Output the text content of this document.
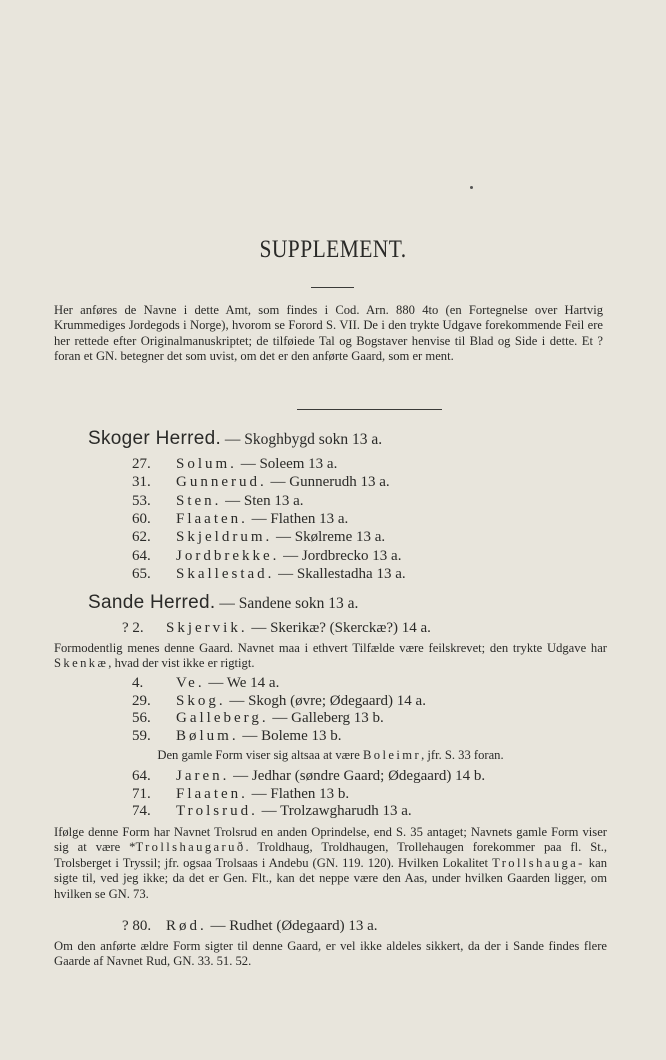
SUPPLEMENT.
Her anføres de Navne i dette Amt, som findes i Cod. Arn. 880 4to (en Fortegnelse over Hartvig Krummediges Jordegods i Norge), hvorom se Forord S. VII. De i den trykte Udgave forekommende Feil ere her rettede efter Originalmanuskriptet; de tilføiede Tal og Bogstaver henvise til Blad og Side i dette. Et ? foran et GN. betegner det som uvist, om det er den anførte Gaard, som er ment.
Skoger Herred. — Skoghbygd sokn 13 a.
27. Solum. — Soleem 13 a.
31. Gunnerud. — Gunnerudh 13 a.
53. Sten. — Sten 13 a.
60. Flaaten. — Flathen 13 a.
62. Skjeldrum. — Skølreme 13 a.
64. Jordbrekke. — Jordbrecko 13 a.
65. Skallestad. — Skallestadha 13 a.
Sande Herred. — Sandene sokn 13 a.
? 2. Skjervik. — Skerikæ? (Skerckæ?) 14 a.
Formodentlig menes denne Gaard. Navnet maa i ethvert Tilfælde være feilskrevet; den trykte Udgave har Skenkæ, hvad der vist ikke er rigtigt.
4. Ve. — We 14 a.
29. Skog. — Skogh (øvre; Ødegaard) 14 a.
56. Galleberg. — Galleberg 13 b.
59. Bølum. — Boleme 13 b.
Den gamle Form viser sig altsaa at være Boleimr, jfr. S. 33 foran.
64. Jaren. — Jedhar (søndre Gaard; Ødegaard) 14 b.
71. Flaaten. — Flathen 13 b.
74. Trolsrud. — Trolzawgharudh 13 a.
Ifølge denne Form har Navnet Trolsrud en anden Oprindelse, end S. 35 antaget; Navnets gamle Form viser sig at være *Trollshaugaruð. Troldhaug, Troldhaugen, Trollehaugen forekommer paa fl. St., Trolsberget i Tryssil; jfr. ogsaa Trolsaas i Andebu (GN. 119. 120). Hvilken Lokalitet Trollshauga- kan sigte til, ved jeg ikke; da det er Gen. Flt., kan det neppe være den Aas, under hvilken Gaarden ligger, om hvilken se GN. 73.
? 80. Rød. — Rudhet (Ødegaard) 13 a.
Om den anførte ældre Form sigter til denne Gaard, er vel ikke aldeles sikkert, da der i Sande findes flere Gaarde af Navnet Rud, GN. 33. 51. 52.
